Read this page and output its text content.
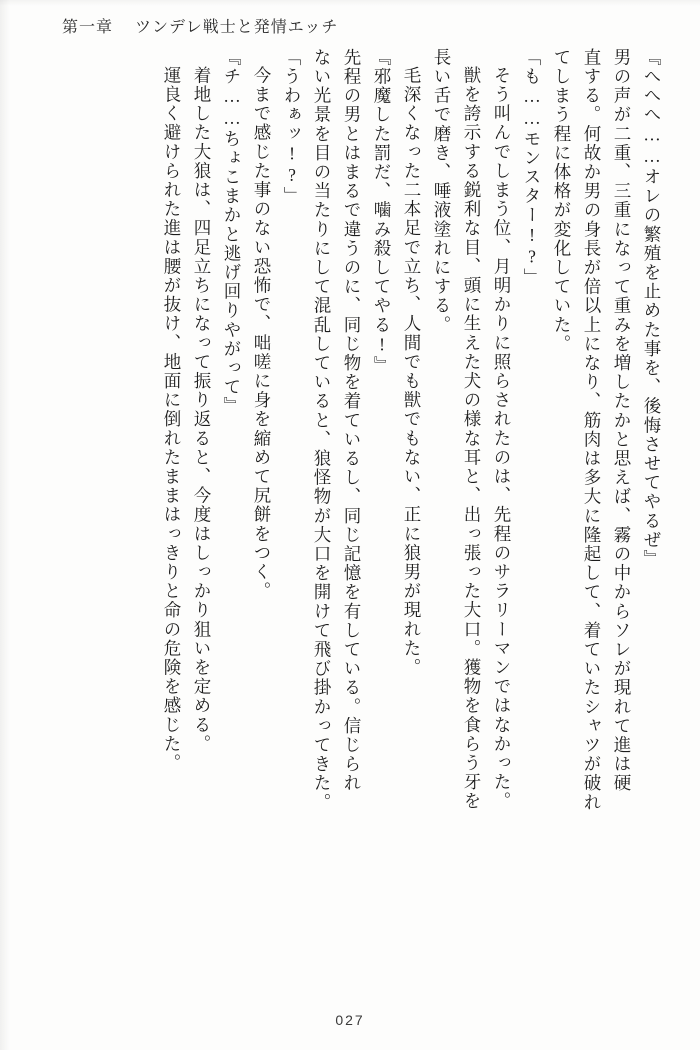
第一章 ツンデレ戦士と発情エッチ
『へへへ……オレの繁殖を止めた事を、後悔させてやるぜ』
男の声が二重、三重になって重みを増したかと思えば、霧の中からソレが現れて進は硬
直する。何故か男の身長が倍以上になり、筋肉は多大に隆起して、着ていたシャツが破れ
てしまう程に体格が変化していた。
「も……モンスター!?」
そう叫んでしまう位、月明かりに照らされたのは、先程のサラリーマンではなかった。
獣を誇示する鋭利な目、頭に生えた犬の様な耳と、出っ張った大口。獲物を食らう牙を
長い舌で磨き、唾液塗れにする。
毛深くなった二本足で立ち、人間でも獣でもない、正に狼男が現れた。
『邪魔した罰だ、噛み殺してやる!』
先程の男とはまるで違うのに、同じ物を着ているし、同じ記憶を有している。信じられ
ない光景を目の当たりにして混乱していると、狼怪物が大口を開けて飛び掛かってきた。
「うわぁッ!?」
今まで感じた事のない恐怖で、咄嗟に身を縮めて尻餅をつく。
『チ……ちょこまかと逃げ回りやがって』
着地した大狼は、四足立ちになって振り返ると、今度はしっかり狙いを定める。
運良く避けられた進は腰が抜け、地面に倒れたままはっきりと命の危険を感じた。
027
